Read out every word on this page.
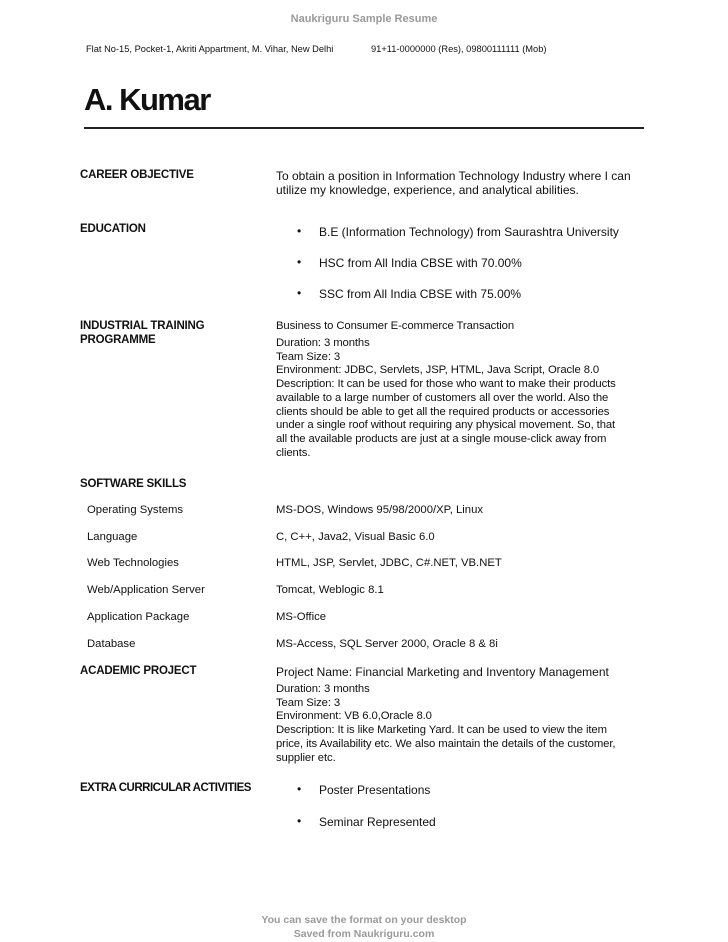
Naukriguru Sample Resume
Flat No-15, Pocket-1, Akriti Appartment, M. Vihar, New Delhi	91+11-0000000 (Res), 09800111111 (Mob)
A. Kumar
CAREER OBJECTIVE	To obtain a position in Information Technology Industry where I can
utilize my knowledge, experience, and analytical abilities.
EDUCATION	• B.E (Information Technology) from Saurashtra University
• HSC from All India CBSE with 70.00%
• SSC from All India CBSE with 75.00%
INDUSTRIAL TRAINING
PROGRAMME
Business to Consumer E-commerce Transaction
Duration: 3 months
Team Size: 3
Environment: JDBC, Servlets, JSP, HTML, Java Script, Oracle 8.0
Description: It can be used for those who want to make their products
available to a large number of customers all over the world. Also the
clients should be able to get all the required products or accessories
under a single roof without requiring any physical movement. So, that
all the available products are just at a single mouse-click away from
clients.
SOFTWARE SKILLS
Operating Systems	MS-DOS, Windows 95/98/2000/XP, Linux
Language	C, C++, Java2, Visual Basic 6.0
Web Technologies	HTML, JSP, Servlet, JDBC, C#.NET, VB.NET
Web/Application Server	Tomcat, Weblogic 8.1
Application Package	MS-Office
Database	MS-Access, SQL Server 2000, Oracle 8 & 8i
ACADEMIC PROJECT	Project Name: Financial Marketing and Inventory Management
Duration: 3 months
Team Size: 3
Environment: VB 6.0,Oracle 8.0
Description: It is like Marketing Yard. It can be used to view the item
price, its Availability etc. We also maintain the details of the customer,
supplier etc.
EXTRA CURRICULAR ACTIVITIES	• Poster Presentations
• Seminar Represented
You can save the format on your desktop
Saved from Naukriguru.com
